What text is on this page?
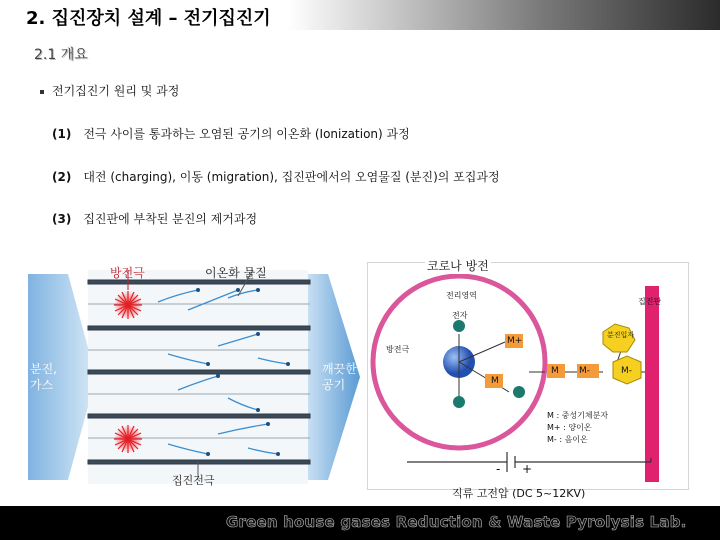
2. 집진장치 설계 – 전기집진기
2.1 개요
전기집진기 원리 및 과정
(1) 전극 사이를 통과하는 오염된 공기의 이온화 (Ionization) 과정
(2) 대전 (charging), 이동 (migration), 집진판에서의 오염물질 (분진)의 포집과정
(3) 집진판에 부착된 분진의 제거과정
방전극	이온화 물질
분진,
가스
깨끗한
공기
집진전극
코로나 방전
전리영역
전자
방전극
집진판
분진입자
M+
M
M M-	M-
M : 중성기체분자
M+ : 양이온
M- : 음이온
- +
직류 고전압 (DC 5~12KV)
Green house gases Reduction & Waste Pyrolysis Lab.
